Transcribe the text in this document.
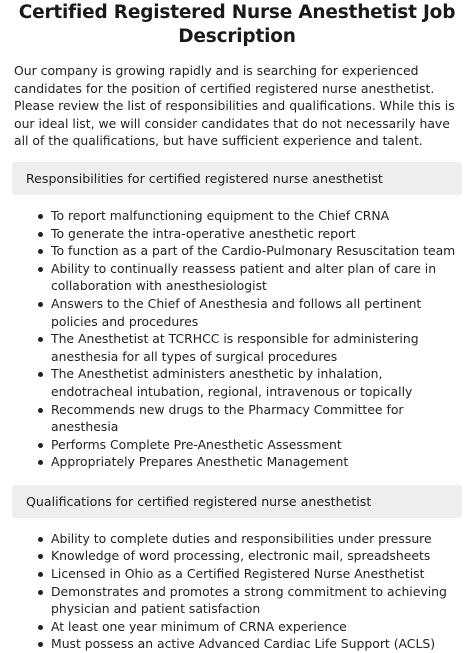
Certified Registered Nurse Anesthetist Job Description

Our company is growing rapidly and is searching for experienced candidates for the position of certified registered nurse anesthetist. Please review the list of responsibilities and qualifications. While this is our ideal list, we will consider candidates that do not necessarily have all of the qualifications, but have sufficient experience and talent.

Responsibilities for certified registered nurse anesthetist
To report malfunctioning equipment to the Chief CRNA
To generate the intra-operative anesthetic report
To function as a part of the Cardio-Pulmonary Resuscitation team
Ability to continually reassess patient and alter plan of care in collaboration with anesthesiologist
Answers to the Chief of Anesthesia and follows all pertinent policies and procedures
The Anesthetist at TCRHCC is responsible for administering anesthesia for all types of surgical procedures
The Anesthetist administers anesthetic by inhalation, endotracheal intubation, regional, intravenous or topically
Recommends new drugs to the Pharmacy Committee for anesthesia
Performs Complete Pre-Anesthetic Assessment
Appropriately Prepares Anesthetic Management
Qualifications for certified registered nurse anesthetist
Ability to complete duties and responsibilities under pressure
Knowledge of word processing, electronic mail, spreadsheets
Licensed in Ohio as a Certified Registered Nurse Anesthetist
Demonstrates and promotes a strong commitment to achieving physician and patient satisfaction
At least one year minimum of CRNA experience
Must possess an active Advanced Cardiac Life Support (ACLS)
